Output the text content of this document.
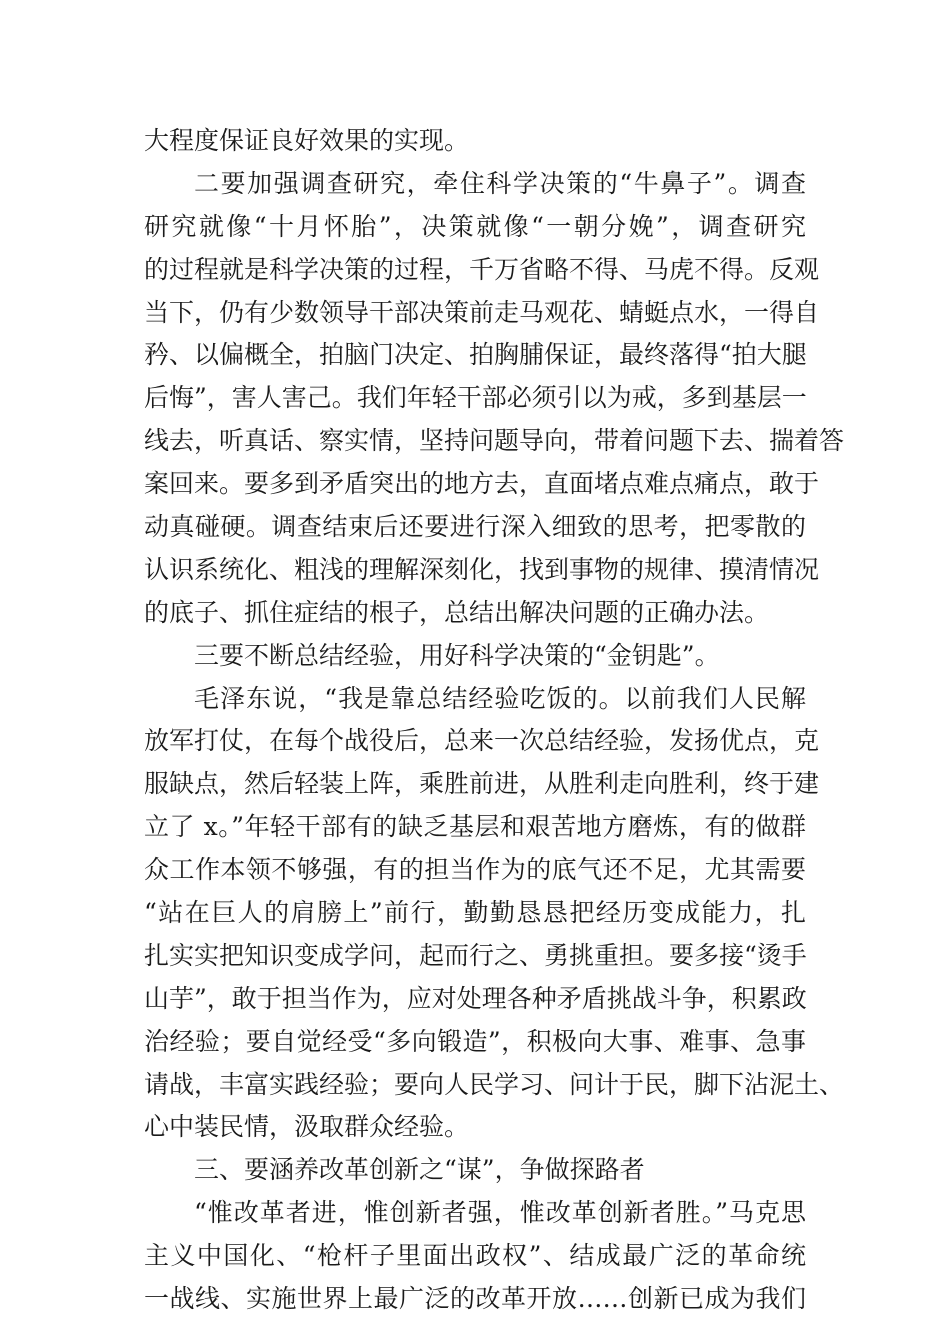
大程度保证良好效果的实现。
二要加强调查研究，牵住科学决策的“牛鼻子”。调查
研究就像“十月怀胎”，决策就像“一朝分娩”，调查研究
的过程就是科学决策的过程，千万省略不得、马虎不得。反观
当下，仍有少数领导干部决策前走马观花、蜻蜓点水，一得自
矜、以偏概全，拍脑门决定、拍胸脯保证，最终落得“拍大腿
后悔”，害人害己。我们年轻干部必须引以为戒，多到基层一
线去，听真话、察实情，坚持问题导向，带着问题下去、揣着答
案回来。要多到矛盾突出的地方去，直面堵点难点痛点，敢于
动真碰硬。调查结束后还要进行深入细致的思考，把零散的
认识系统化、粗浅的理解深刻化，找到事物的规律、摸清情况
的底子、抓住症结的根子，总结出解决问题的正确办法。
三要不断总结经验，用好科学决策的“金钥匙”。
毛泽东说，“我是靠总结经验吃饭的。以前我们人民解
放军打仗，在每个战役后，总来一次总结经验，发扬优点，克
服缺点，然后轻装上阵，乘胜前进，从胜利走向胜利，终于建
立了 x。”年轻干部有的缺乏基层和艰苦地方磨炼，有的做群
众工作本领不够强，有的担当作为的底气还不足，尤其需要
“站在巨人的肩膀上”前行，勤勤恳恳把经历变成能力，扎
扎实实把知识变成学问，起而行之、勇挑重担。要多接“烫手
山芋”，敢于担当作为，应对处理各种矛盾挑战斗争，积累政
治经验；要自觉经受“多向锻造”，积极向大事、难事、急事
请战，丰富实践经验；要向人民学习、问计于民，脚下沾泥土、
心中装民情，汲取群众经验。
三、要涵养改革创新之“谋”，争做探路者
“惟改革者进，惟创新者强，惟改革创新者胜。”马克思
主义中国化、“枪杆子里面出政权”、结成最广泛的革命统
一战线、实施世界上最广泛的改革开放……创新已成为我们
